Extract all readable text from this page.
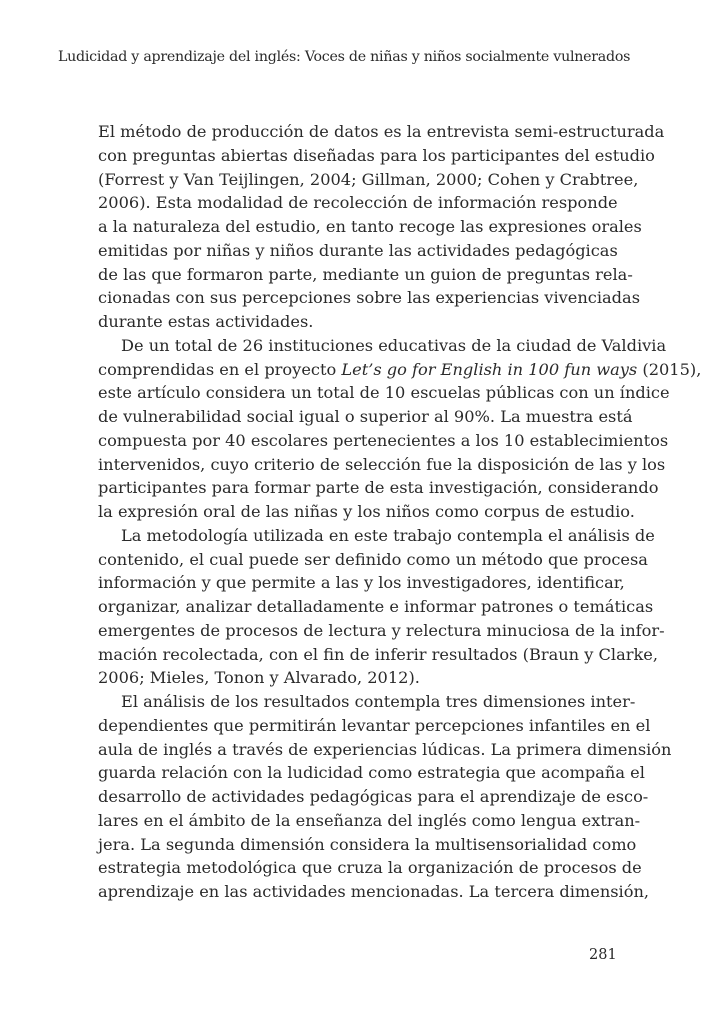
Ludicidad y aprendizaje del inglés: Voces de niñas y niños socialmente vulnerados
El método de producción de datos es la entrevista semi-estructurada
con preguntas abiertas diseñadas para los participantes del estudio
(Forrest y Van Teijlingen, 2004; Gillman, 2000; Cohen y Crabtree,
2006). Esta modalidad de recolección de información responde
a la naturaleza del estudio, en tanto recoge las expresiones orales
emitidas por niñas y niños durante las actividades pedagógicas
de las que formaron parte, mediante un guion de preguntas rela-
cionadas con sus percepciones sobre las experiencias vivenciadas
durante estas actividades.
De un total de 26 instituciones educativas de la ciudad de Valdivia
comprendidas en el proyecto Let’s go for English in 100 fun ways (2015),
este artículo considera un total de 10 escuelas públicas con un índice
de vulnerabilidad social igual o superior al 90%. La muestra está
compuesta por 40 escolares pertenecientes a los 10 establecimientos
intervenidos, cuyo criterio de selección fue la disposición de las y los
participantes para formar parte de esta investigación, considerando
la expresión oral de las niñas y los niños como corpus de estudio.
La metodología utilizada en este trabajo contempla el análisis de
contenido, el cual puede ser definido como un método que procesa
información y que permite a las y los investigadores, identificar,
organizar, analizar detalladamente e informar patrones o temáticas
emergentes de procesos de lectura y relectura minuciosa de la infor-
mación recolectada, con el fin de inferir resultados (Braun y Clarke,
2006; Mieles, Tonon y Alvarado, 2012).
El análisis de los resultados contempla tres dimensiones inter-
dependientes que permitirán levantar percepciones infantiles en el
aula de inglés a través de experiencias lúdicas. La primera dimensión
guarda relación con la ludicidad como estrategia que acompaña el
desarrollo de actividades pedagógicas para el aprendizaje de esco-
lares en el ámbito de la enseñanza del inglés como lengua extran-
jera. La segunda dimensión considera la multisensorialidad como
estrategia metodológica que cruza la organización de procesos de
aprendizaje en las actividades mencionadas. La tercera dimensión,
281
